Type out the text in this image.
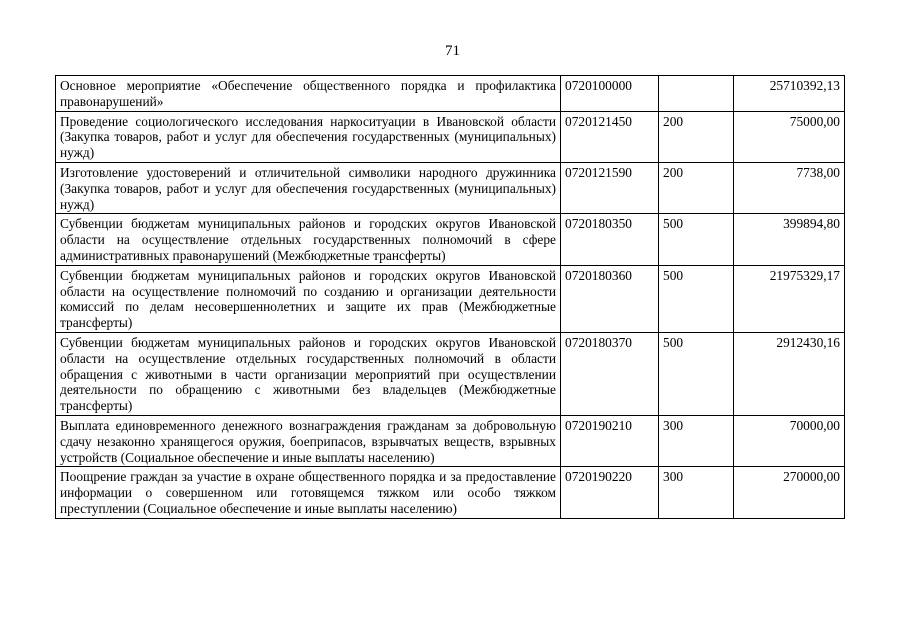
71
Основное мероприятие «Обеспечение общественного порядка и профилактика правонарушений»	0720100000		25710392,13
Проведение социологического исследования наркоситуации в Ивановской области (Закупка товаров, работ и услуг для обеспечения государственных (муниципальных) нужд)	0720121450	200	75000,00
Изготовление удостоверений и отличительной символики народного дружинника (Закупка товаров, работ и услуг для обеспечения государственных (муниципальных) нужд)	0720121590	200	7738,00
Субвенции бюджетам муниципальных районов и городских округов Ивановской области на осуществление отдельных государственных полномочий в сфере административных правонарушений (Межбюджетные трансферты)	0720180350	500	399894,80
Субвенции бюджетам муниципальных районов и городских округов Ивановской области на осуществление полномочий по созданию и организации деятельности комиссий по делам несовершеннолетних и защите их прав (Межбюджетные трансферты)	0720180360	500	21975329,17
Субвенции бюджетам муниципальных районов и городских округов Ивановской области на осуществление отдельных государственных полномочий в области обращения с животными в части организации мероприятий при осуществлении деятельности по обращению с животными без владельцев (Межбюджетные трансферты)	0720180370	500	2912430,16
Выплата единовременного денежного вознаграждения гражданам за добровольную сдачу незаконно хранящегося оружия, боеприпасов, взрывчатых веществ, взрывных устройств (Социальное обеспечение и иные выплаты населению)	0720190210	300	70000,00
Поощрение граждан за участие в охране общественного порядка и за предоставление информации о совершенном или готовящемся тяжком или особо тяжком преступлении (Социальное обеспечение и иные выплаты населению)	0720190220	300	270000,00
